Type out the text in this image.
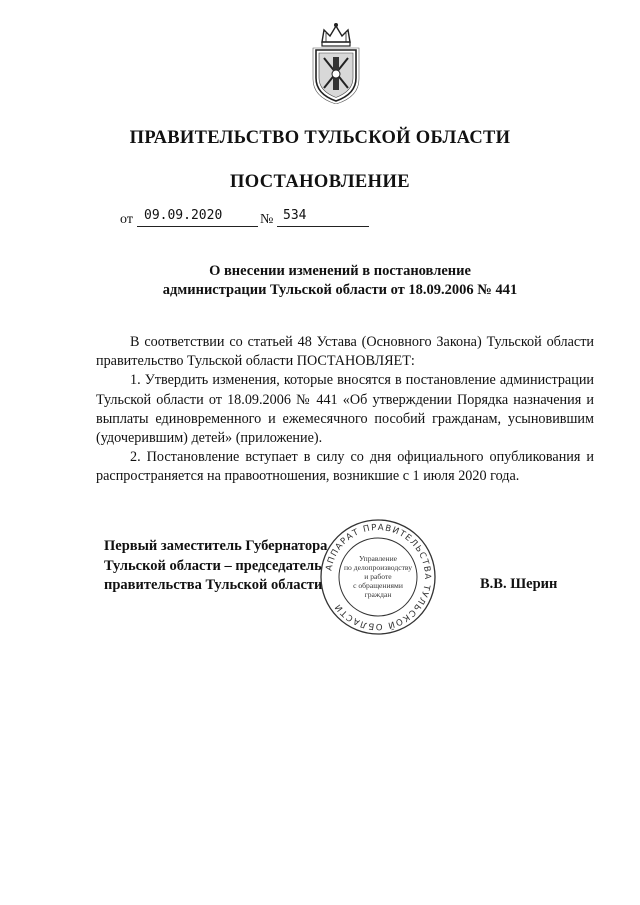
ПРАВИТЕЛЬСТВО ТУЛЬСКОЙ ОБЛАСТИ
ПОСТАНОВЛЕНИЕ
от 09.09.2020	№ 534
О внесении изменений в постановление
администрации Тульской области от 18.09.2006 № 441

В соответствии со статьей 48 Устава (Основного Закона) Тульской области правительство Тульской области ПОСТАНОВЛЯЕТ:

1. Утвердить изменения, которые вносятся в постановление администрации Тульской области от 18.09.2006 № 441 «Об утверждении Порядка назначения и выплаты единовременного и ежемесячного пособий гражданам, усыновившим (удочерившим) детей» (приложение).

2. Постановление вступает в силу со дня официального опубликования и распространяется на правоотношения, возникшие с 1 июля 2020 года.

Первый заместитель Губернатора
Тульской области – председатель
правительства Тульской области	В.В. Шерин
АППАРАТ ПРАВИТЕЛЬСТВА ТУЛЬСКОЙ ОБЛАСТИ
Управление
по делопроизводству
и работе
с обращениями
граждан
